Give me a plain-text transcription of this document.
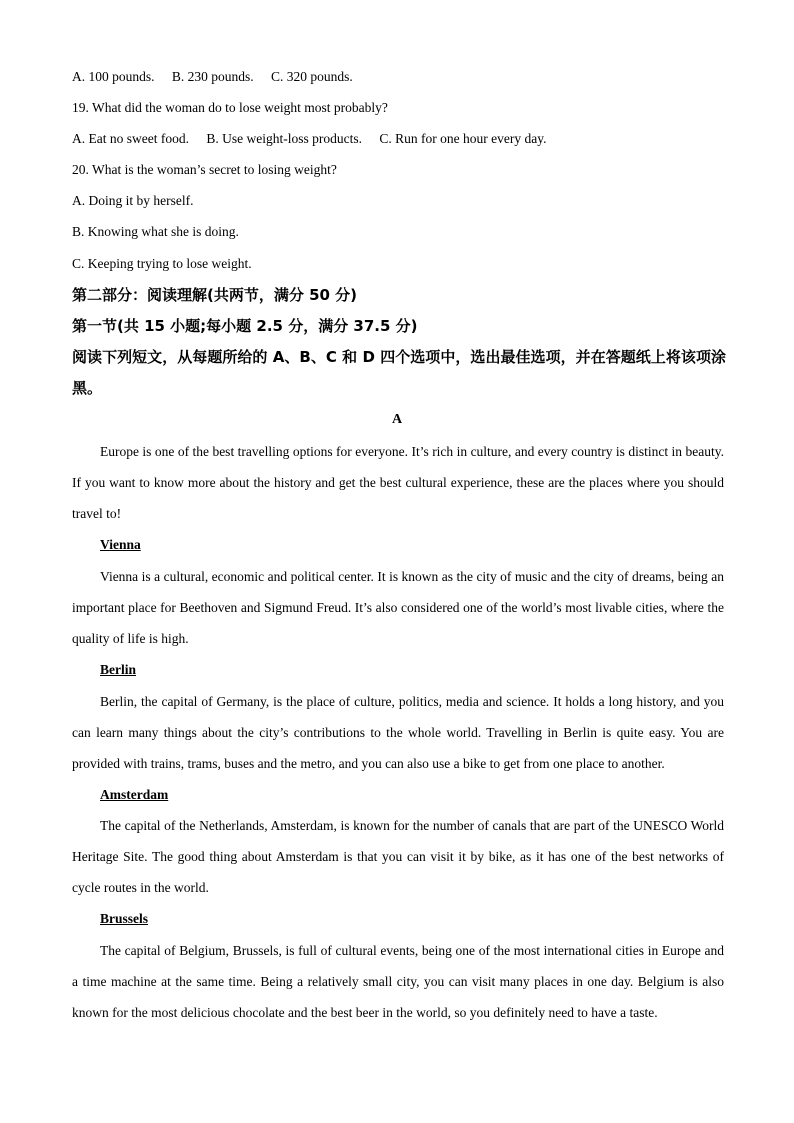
A. 100 pounds. B. 230 pounds. C. 320 pounds.
19. What did the woman do to lose weight most probably?
A. Eat no sweet food. B. Use weight-loss products. C. Run for one hour every day.
20. What is the woman’s secret to losing weight?
A. Doing it by herself.
B. Knowing what she is doing.
C. Keeping trying to lose weight.
第二部分：阅读理解(共两节，满分 50 分)
第一节(共 15 小题;每小题 2.5 分，满分 37.5 分)
阅读下列短文，从每题所给的 A、B、C 和 D 四个选项中，选出最佳选项，并在答题纸上将该项涂黑。
A
Europe is one of the best travelling options for everyone. It’s rich in culture, and every country is distinct in beauty. If you want to know more about the history and get the best cultural experience, these are the places where you should travel to!
Vienna
Vienna is a cultural, economic and political center. It is known as the city of music and the city of dreams, being an important place for Beethoven and Sigmund Freud. It’s also considered one of the world’s most livable cities, where the quality of life is high.
Berlin
Berlin, the capital of Germany, is the place of culture, politics, media and science. It holds a long history, and you can learn many things about the city’s contributions to the whole world. Travelling in Berlin is quite easy. You are provided with trains, trams, buses and the metro, and you can also use a bike to get from one place to another.
Amsterdam
The capital of the Netherlands, Amsterdam, is known for the number of canals that are part of the UNESCO World Heritage Site. The good thing about Amsterdam is that you can visit it by bike, as it has one of the best networks of cycle routes in the world.
Brussels
The capital of Belgium, Brussels, is full of cultural events, being one of the most international cities in Europe and a time machine at the same time. Being a relatively small city, you can visit many places in one day. Belgium is also known for the most delicious chocolate and the best beer in the world, so you definitely need to have a taste.
